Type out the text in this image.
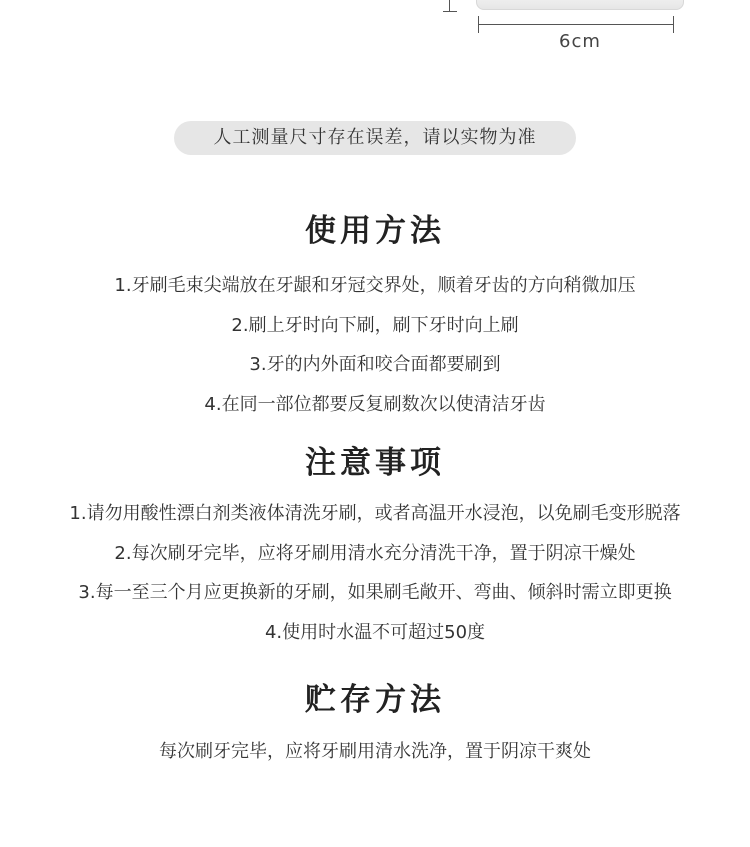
6cm
人工测量尺寸存在误差，请以实物为准
使用方法
1.牙刷毛束尖端放在牙龈和牙冠交界处，顺着牙齿的方向稍微加压
2.刷上牙时向下刷，刷下牙时向上刷
3.牙的内外面和咬合面都要刷到
4.在同一部位都要反复刷数次以使清洁牙齿
注意事项
1.请勿用酸性漂白剂类液体清洗牙刷，或者高温开水浸泡，以免刷毛变形脱落
2.每次刷牙完毕，应将牙刷用清水充分清洗干净，置于阴凉干燥处
3.每一至三个月应更换新的牙刷，如果刷毛敞开、弯曲、倾斜时需立即更换
4.使用时水温不可超过50度
贮存方法
每次刷牙完毕，应将牙刷用清水洗净，置于阴凉干爽处
